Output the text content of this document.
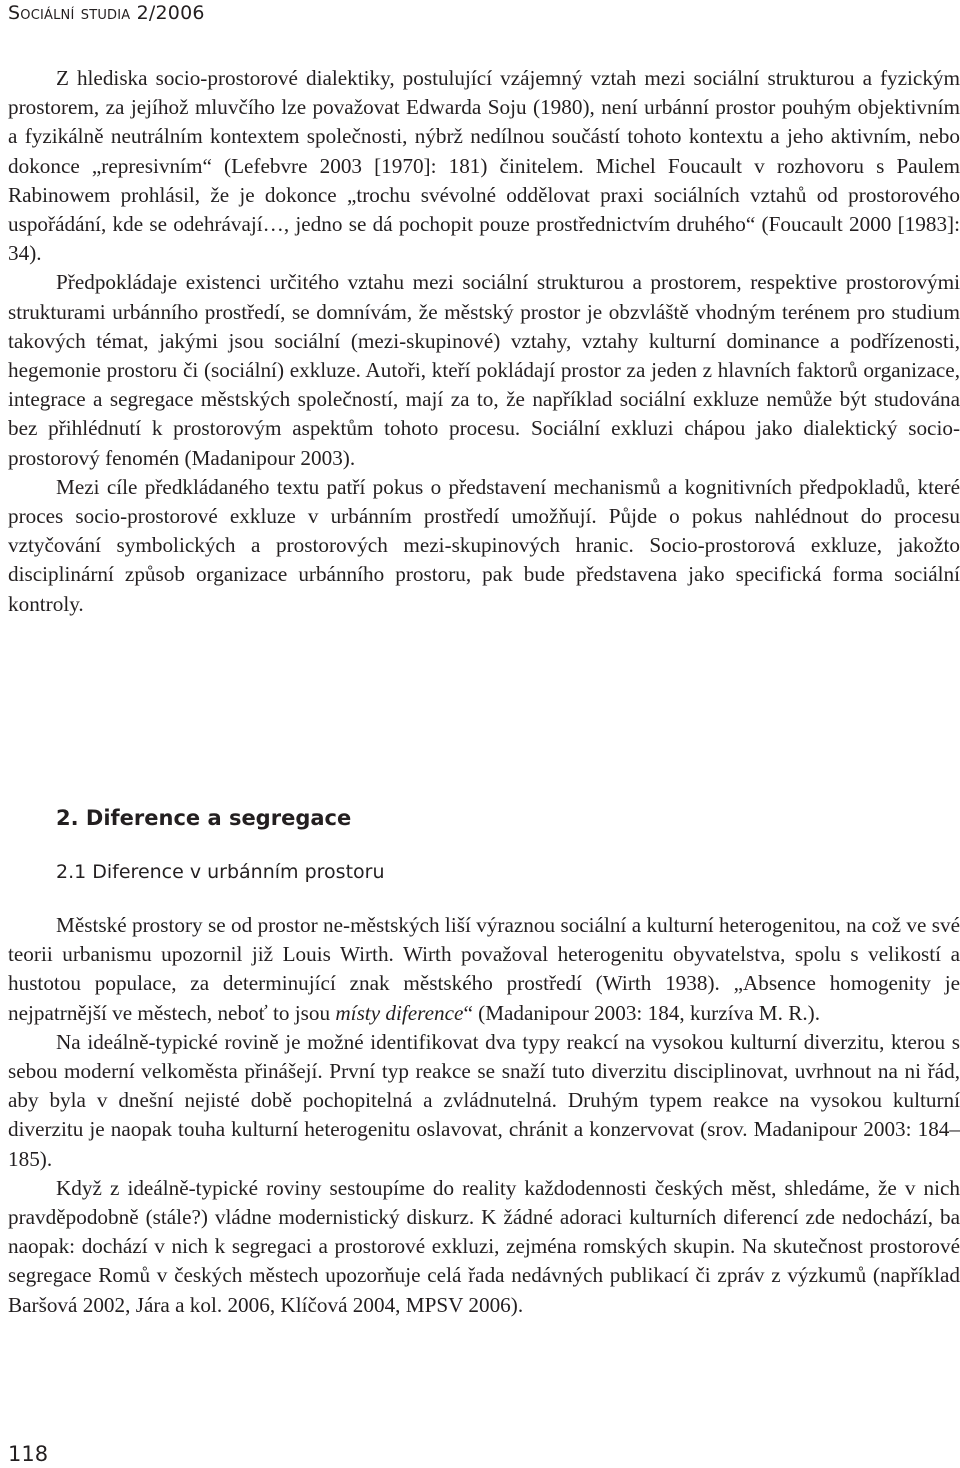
Sociální studia 2/2006

Z hlediska socio-prostorové dialektiky, postulující vzájemný vztah mezi sociální strukturou a fyzickým prostorem, za jejíhož mluvčího lze považovat Edwarda Soju (1980), není urbánní prostor pouhým objektivním a fyzikálně neutrálním kontextem společnosti, nýbrž nedílnou součástí tohoto kontextu a jeho aktivním, nebo dokonce „represivním“ (Lefebvre 2003 [1970]: 181) činitelem. Michel Foucault v rozhovoru s Paulem Rabinowem prohlásil, že je dokonce „trochu svévolné oddělovat praxi sociálních vztahů od prostorového uspořádání, kde se odehrávají…, jedno se dá pochopit pouze prostřednictvím druhého“ (Foucault 2000 [1983]: 34).

Předpokládaje existenci určitého vztahu mezi sociální strukturou a prostorem, respektive prostorovými strukturami urbánního prostředí, se domnívám, že městský prostor je obzvláště vhodným terénem pro studium takových témat, jakými jsou sociální (mezi-skupinové) vztahy, vztahy kulturní dominance a podřízenosti, hegemonie prostoru či (sociální) exkluze. Autoři, kteří pokládají prostor za jeden z hlavních faktorů organizace, integrace a segregace městských společností, mají za to, že například sociální exkluze nemůže být studována bez přihlédnutí k prostorovým aspektům tohoto procesu. Sociální exkluzi chápou jako dialektický socio-prostorový fenomén (Madanipour 2003).

Mezi cíle předkládaného textu patří pokus o představení mechanismů a kognitivních předpokladů, které proces socio-prostorové exkluze v urbánním prostředí umožňují. Půjde o pokus nahlédnout do procesu vztyčování symbolických a prostorových mezi-skupinových hranic. Socio-prostorová exkluze, jakožto disciplinární způsob organizace urbánního prostoru, pak bude představena jako specifická forma sociální kontroly.

2. Diference a segregace
2.1 Diference v urbánním prostoru

Městské prostory se od prostor ne-městských liší výraznou sociální a kulturní heterogenitou, na což ve své teorii urbanismu upozornil již Louis Wirth. Wirth považoval heterogenitu obyvatelstva, spolu s velikostí a hustotou populace, za determinující znak městského prostředí (Wirth 1938). „Absence homogenity je nejpatrnější ve městech, neboť to jsou místy diference“ (Madanipour 2003: 184, kurzíva M. R.).

Na ideálně-typické rovině je možné identifikovat dva typy reakcí na vysokou kulturní diverzitu, kterou s sebou moderní velkoměsta přinášejí. První typ reakce se snaží tuto diverzitu disciplinovat, uvrhnout na ni řád, aby byla v dnešní nejisté době pochopitelná a zvládnutelná. Druhým typem reakce na vysokou kulturní diverzitu je naopak touha kulturní heterogenitu oslavovat, chránit a konzervovat (srov. Madanipour 2003: 184–185).

Když z ideálně-typické roviny sestoupíme do reality každodennosti českých měst, shledáme, že v nich pravděpodobně (stále?) vládne modernistický diskurz. K žádné adoraci kulturních diferencí zde nedochází, ba naopak: dochází v nich k segregaci a prostorové exkluzi, zejména romských skupin. Na skutečnost prostorové segregace Romů v českých městech upozorňuje celá řada nedávných publikací či zpráv z výzkumů (například Baršová 2002, Jára a kol. 2006, Klíčová 2004, MPSV 2006).

118
